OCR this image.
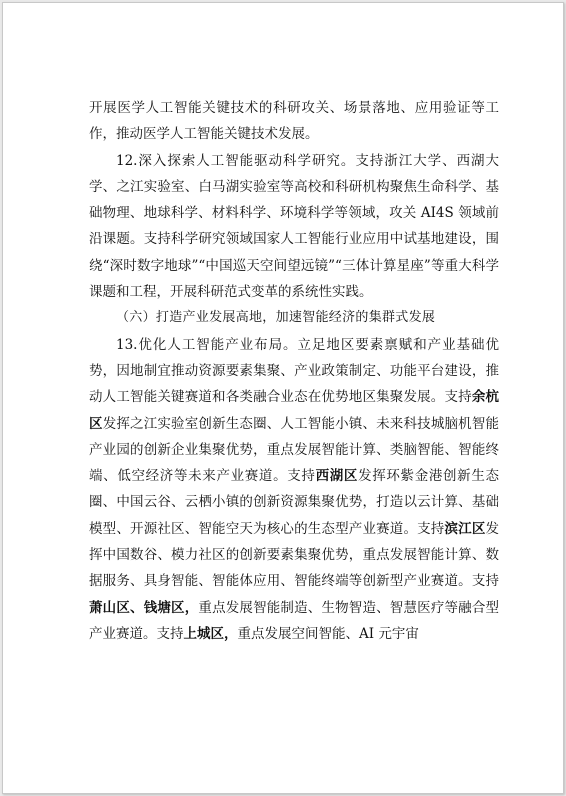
开展医学人工智能关键技术的科研攻关、场景落地、应用验证等工作，推动医学人工智能关键技术发展。

12.深入探索人工智能驱动科学研究。支持浙江大学、西湖大学、之江实验室、白马湖实验室等高校和科研机构聚焦生命科学、基础物理、地球科学、材料科学、环境科学等领域，攻关 AI4S 领域前沿课题。支持科学研究领域国家人工智能行业应用中试基地建设，围绕“深时数字地球”“中国巡天空间望远镜”“三体计算星座”等重大科学课题和工程，开展科研范式变革的系统性实践。

（六）打造产业发展高地，加速智能经济的集群式发展

13.优化人工智能产业布局。立足地区要素禀赋和产业基础优势，因地制宜推动资源要素集聚、产业政策制定、功能平台建设，推动人工智能关键赛道和各类融合业态在优势地区集聚发展。支持余杭区发挥之江实验室创新生态圈、人工智能小镇、未来科技城脑机智能产业园的创新企业集聚优势，重点发展智能计算、类脑智能、智能终端、低空经济等未来产业赛道。支持西湖区发挥环紫金港创新生态圈、中国云谷、云栖小镇的创新资源集聚优势，打造以云计算、基础模型、开源社区、智能空天为核心的生态型产业赛道。支持滨江区发挥中国数谷、模力社区的创新要素集聚优势，重点发展智能计算、数据服务、具身智能、智能体应用、智能终端等创新型产业赛道。支持萧山区、钱塘区，重点发展智能制造、生物智造、智慧医疗等融合型产业赛道。支持上城区，重点发展空间智能、AI 元宇宙
